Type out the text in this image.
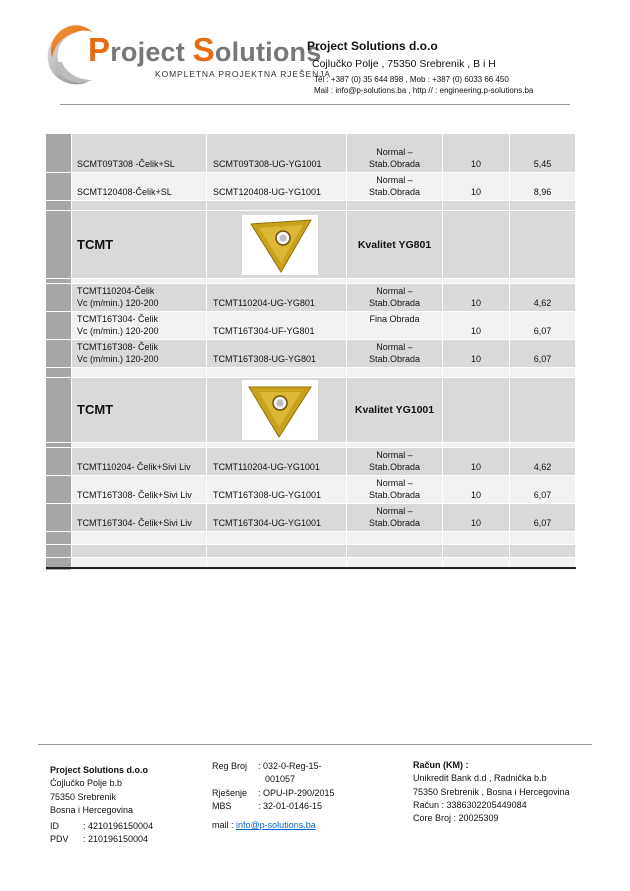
Project Solutions
KOMPLETNA PROJEKTNA RJEŠENJA
Project Solutions d.o.o
Ćojlučko Polje , 75350 Srebrenik , B i H
Tel : +387 (0) 35 644 898 , Mob : +387 (0) 6033 66 450
Mail : info@p-solutions.ba , http // : engineering.p-solutions.ba
SCMT09T308 -Čelik+SL	SCMT09T308-UG-YG1001
Normal –
Stab.Obrada	10	5,45
SCMT120408-Čelik+SL	SCMT120408-UG-YG1001
Normal –
Stab.Obrada	10	8,96
TCMT	Kvalitet YG801
TCMT110204-Čelik
Vc (m/min.) 120-200	TCMT110204-UG-YG801
Normal –
Stab.Obrada	10	4,62
TCMT16T304- Čelik
Vc (m/min.) 120-200	TCMT16T304-UF-YG801
Fina Obrada
10	6,07
TCMT16T308- Čelik
Vc (m/min.) 120-200	TCMT16T308-UG-YG801
Normal –
Stab.Obrada	10	6,07
TCMT	Kvalitet YG1001
TCMT110204- Čelik+Sivi Liv	TCMT110204-UG-YG1001
Normal –
Stab.Obrada	10	4,62
TCMT16T308- Čelik+Sivi Liv	TCMT16T308-UG-YG1001
Normal –
Stab.Obrada	10	6,07
TCMT16T304- Čelik+Sivi Liv	TCMT16T304-UG-YG1001
Normal –
Stab.Obrada	10	6,07
Project Solutions d.o.o
Ćojlučko Polje b.b
75350 Srebrenik
Bosna i Hercegovina
ID	: 4210196150004
PDV : 210196150004
Reg Broj : 032-0-Reg-15-
001057
Rješenje : OPU-IP-290/2015
MBS	: 32-01-0146-15
mail : info@p-solutions.ba
Račun (KM) :
Unikredit Bank d.d , Radnička b.b
75350 Srebrenik , Bosna i Hercegovina
Račun : 3386302205449084
Core Broj : 20025309
